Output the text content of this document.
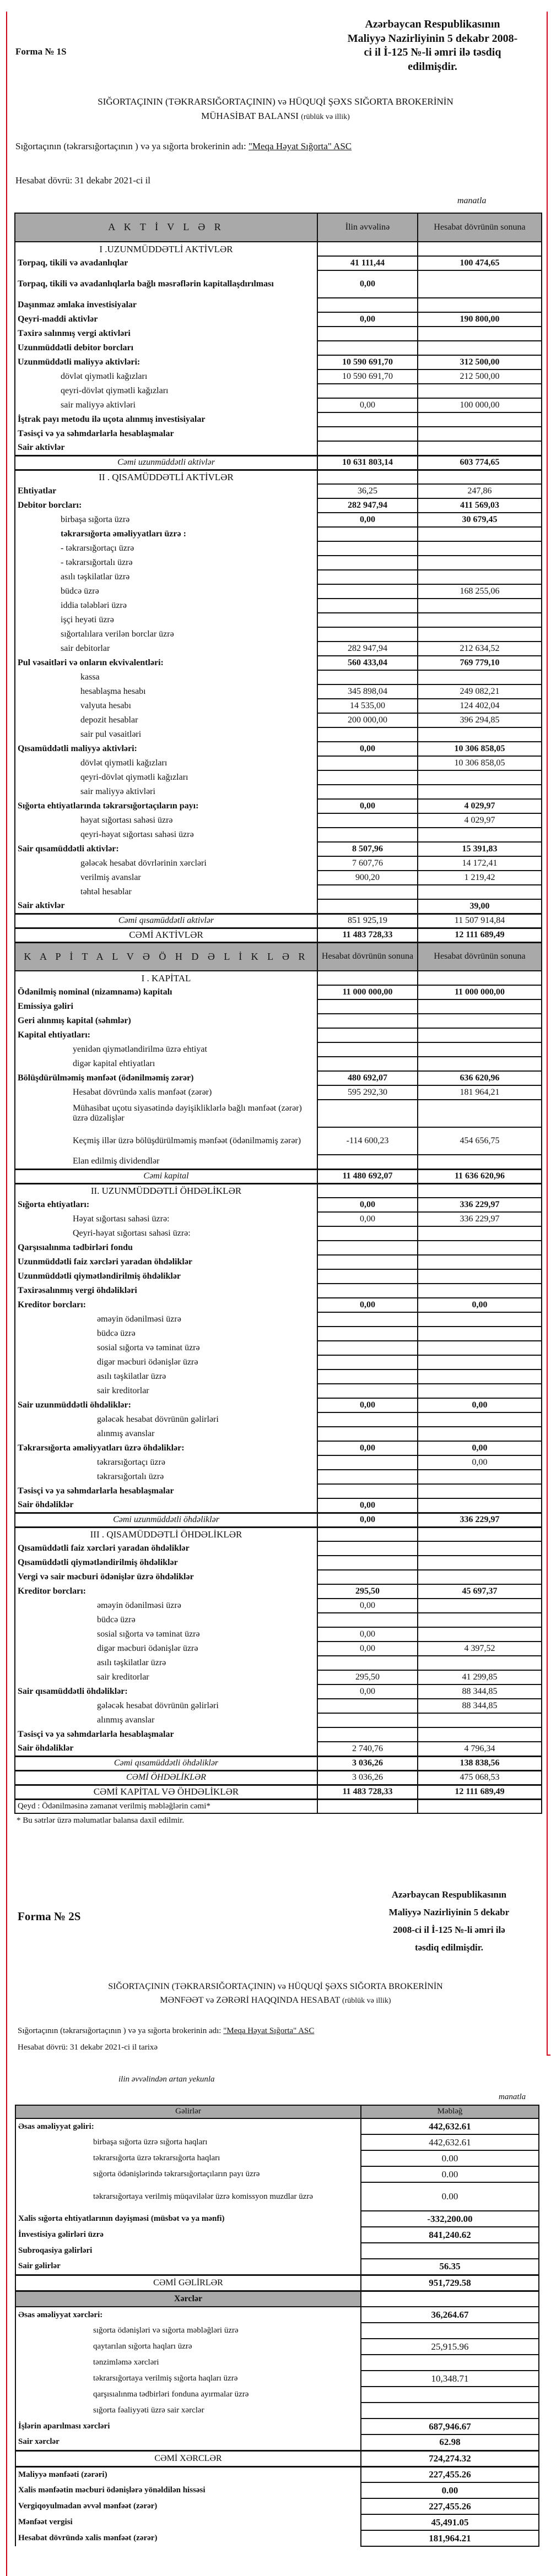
Forma № 1S
Azərbaycan Respublikasının
Maliyyə Nazirliyinin 5 dekabr 2008-
ci il İ-125 №-li əmri ilə təsdiq
edilmişdir.
SIĞORTAÇININ (TƏKRARSIĞORTAÇININ) və HÜQUQİ ŞƏXS SIĞORTA BROKERİNİN
MÜHASİBAT BALANSI (rüblük və illik)
Sığortaçının (təkrarsığortaçının ) və ya sığorta brokerinin adı: "Meqa Həyat Sığorta" ASC
Hesabat dövrü: 31 dekabr 2021-ci il
manatla
A K T İ V L Ə R	İlin əvvəlinə	Hesabat dövrünün sonuna
I .UZUNMÜDDƏTLİ AKTİVLƏR		
Torpaq, tikili və avadanlıqlar	41 111,44	100 474,65
Torpaq, tikili və avadanlıqlarla bağlı məsrəflərin kapitallaşdırılması	0,00	
Daşınmaz əmlaka investisiyalar		
Qeyri-maddi aktivlər	0,00	190 800,00
Təxirə salınmış vergi aktivləri		
Uzunmüddətli debitor borcları		
Uzunmüddətli maliyyə aktivləri:	10 590 691,70	312 500,00
dövlət qiymətli kağızları	10 590 691,70	212 500,00
qeyri-dövlət qiymətli kağızları		
sair maliyyə aktivləri	0,00	100 000,00
İştrak payı metodu ilə uçota alınmış investisiyalar		
Təsisçi və ya səhmdarlarla hesablaşmalar		
Sair aktivlər		
Cəmi uzunmüddətli aktivlər	10 631 803,14	603 774,65
II . QISAMÜDDƏTLİ AKTİVLƏR		
Ehtiyatlar	36,25	247,86
Debitor borcları:	282 947,94	411 569,03
birbaşa sığorta üzrə	0,00	30 679,45
təkrarsığorta əməliyyatları üzrə :		
- təkrarsığortaçı üzrə		
- təkrarsığortalı üzrə		
asılı təşkilatlar üzrə		
büdcə üzrə		168 255,06
iddia tələbləri üzrə		
işçi heyəti üzrə		
sığortalılara verilən borclar üzrə		
sair debitorlar	282 947,94	212 634,52
Pul vəsaitləri və onların ekvivalentləri:	560 433,04	769 779,10
kassa		
hesablaşma hesabı	345 898,04	249 082,21
valyuta hesabı	14 535,00	124 402,04
depozit hesablar	200 000,00	396 294,85
sair pul vəsaitləri		
Qısamüddətli maliyyə aktivləri:	0,00	10 306 858,05
dövlət qiymətli kağızları		10 306 858,05
qeyri-dövlət qiymətli kağızları		
sair maliyyə aktivləri		
Sığorta ehtiyatlarında təkrarsığortaçıların payı:	0,00	4 029,97
həyat sığortası sahəsi üzrə		4 029,97
qeyri-həyat sığortası sahəsi üzrə		
Sair qısamüddətli aktivlər:	8 507,96	15 391,83
gələcək hesabat dövrlərinin xərcləri	7 607,76	14 172,41
verilmiş avanslar	900,20	1 219,42
təhtəl hesablar		
Sair aktivlər		39,00
Cəmi qısamüddətli aktivlər	851 925,19	11 507 914,84
CƏMİ AKTİVLƏR	11 483 728,33	12 111 689,49
K A P İ T A L V Ə Ö H D Ə L İ K L Ə R	Hesabat dövrünün sonuna	Hesabat dövrünün sonuna
I . KAPİTAL		
Ödənilmiş nominal (nizamnamə) kapitalı	11 000 000,00	11 000 000,00
Emissiya gəliri		
Geri alınmış kapital (səhmlər)		
Kapital ehtiyatları:		
yenidən qiymətləndirilmə üzrə ehtiyat		
digər kapital ehtiyatları		
Bölüşdürülməmiş mənfəət (ödənilməmiş zərər)	480 692,07	636 620,96
Hesabat dövründə xalis mənfəət (zərər)	595 292,30	181 964,21
Mühasibat uçotu siyasətində dəyişikliklərlə bağlı mənfəət (zərər) üzrə düzəlişlər		
Keçmiş illər üzrə bölüşdürülməmiş mənfəət (ödənilməmiş zərər)	-114 600,23	454 656,75
Elan edilmiş dividendlər		
Cəmi kapital	11 480 692,07	11 636 620,96
II. UZUNMÜDDƏTLİ ÖHDƏLİKLƏR		
Sığorta ehtiyatları:	0,00	336 229,97
Həyat sığortası sahəsi üzrə:	0,00	336 229,97
Qeyri-həyat sığortası sahəsi üzrə:		
Qarşısıalınma tədbirləri fondu		
Uzunmüddətli faiz xərcləri yaradan öhdəliklər		
Uzunmüddətli qiymətləndirilmiş öhdəliklər		
Təxirəsalınmış vergi öhdəlikləri		
Kreditor borcları:	0,00	0,00
əməyin ödənilməsi üzrə		
büdcə üzrə		
sosial sığorta və təminat üzrə		
digər məcburi ödənişlər üzrə		
asılı təşkilatlar üzrə		
sair kreditorlar		
Sair uzunmüddətli öhdəliklər:	0,00	0,00
gələcək hesabat dövrünün gəlirləri		
alınmış avanslar		
Təkrarsığorta əməliyyatları üzrə öhdəliklər:	0,00	0,00
təkrarsığortaçı üzrə		0,00
təkrarsığortalı üzrə		
Təsisçi və ya səhmdarlarla hesablaşmalar		
Sair öhdəliklər	0,00	
Cəmi uzunmüddətli öhdəliklər	0,00	336 229,97
III . QISAMÜDDƏTLİ ÖHDƏLİKLƏR		
Qısamüddətli faiz xərcləri yaradan öhdəliklər		
Qısamüddətli qiymətləndirilmiş öhdəliklər		
Vergi və sair məcburi ödənişlər üzrə öhdəliklər		
Kreditor borcları:	295,50	45 697,37
əməyin ödənilməsi üzrə	0,00	
büdcə üzrə		
sosial sığorta və təminat üzrə	0,00	
digər məcburi ödənişlər üzrə	0,00	4 397,52
asılı təşkilatlar üzrə		
sair kreditorlar	295,50	41 299,85
Sair qısamüddətli öhdəliklər:	0,00	88 344,85
gələcək hesabat dövrünün gəlirləri		88 344,85
alınmış avanslar		
Təsisçi və ya səhmdarlarla hesablaşmalar		
Sair öhdəliklər	2 740,76	4 796,34
Cəmi qısamüddətli öhdəliklər	3 036,26	138 838,56
CƏMİ ÖHDƏLİKLƏR	3 036,26	475 068,53
CƏMİ KAPİTAL VƏ ÖHDƏLİKLƏR	11 483 728,33	12 111 689,49
Qeyd : Ödənilməsinə zəmanət verilmiş məbləğlərin cəmi*		
Forma № 2S
Azərbaycan Respublikasının
Maliyyə Nazirliyinin 5 dekabr
2008-ci il İ-125 №-li əmri ilə
təsdiq edilmişdir.
SIĞORTAÇININ (TƏKRARSIĞORTAÇININ) və HÜQUQİ ŞƏXS SIĞORTA BROKERİNİN
MƏNFƏƏT və ZƏRƏRİ HAQQINDA HESABAT (rüblük və illik)
Sığortaçının (təkrarsığortaçının ) və ya sığorta brokerinin adı: "Meqa Həyat Sığorta" ASC
Hesabat dövrü: 31 dekabr 2021-ci il tarixə
ilin əvvəlindən artan yekunla
manatla
Gəlirlər	Məbləğ
Əsas əməliyyat gəliri:	442,632.61
birbaşa sığorta üzrə sığorta haqları	442,632.61
təkrarsığorta üzrə təkrarsığorta haqları	0.00
sığorta ödənişlərində təkrarsığortaçıların payı üzrə	0.00
təkrarsığortaya verilmiş müqavilələr üzrə komissyon muzdlar üzrə	0.00
Xalis sığorta ehtiyatlarının dəyişməsi (müsbət və ya mənfi)	-332,200.00
İnvestisiya gəlirləri üzrə	841,240.62
Subroqasiya gəlirləri	
Sair gəlirlər	56.35
CƏMİ GƏLİRLƏR	951,729.58
Xərclər	
Əsas əməliyyat xərcləri:	36,264.67
sığorta ödənişləri və sığorta məbləğləri üzrə	
qaytarılan sığorta haqları üzrə	25,915.96
tənzimləmə xərcləri	
təkrarsığortaya verilmiş sığorta haqları üzrə	10,348.71
qarşısıalınma tədbirləri fonduna ayırmalar üzrə	
sığorta fəaliyyəti üzrə sair xərclər	
İşlərin aparılması xərcləri	687,946.67
Sair xərclər	62.98
CƏMİ XƏRCLƏR	724,274.32
Maliyyə mənfəəti (zərəri)	227,455.26
Xalis mənfəətin məcburi ödənişlərə yönəldilən hissəsi	0.00
Vergiqoyulmadan əvvəl mənfəət (zərər)	227,455.26
Mənfəət vergisi	45,491.05
Hesabat dövründə xalis mənfəət (zərər)	181,964.21
* Bu sətrlər üzrə məlumatlar balansa daxil edilmir.
